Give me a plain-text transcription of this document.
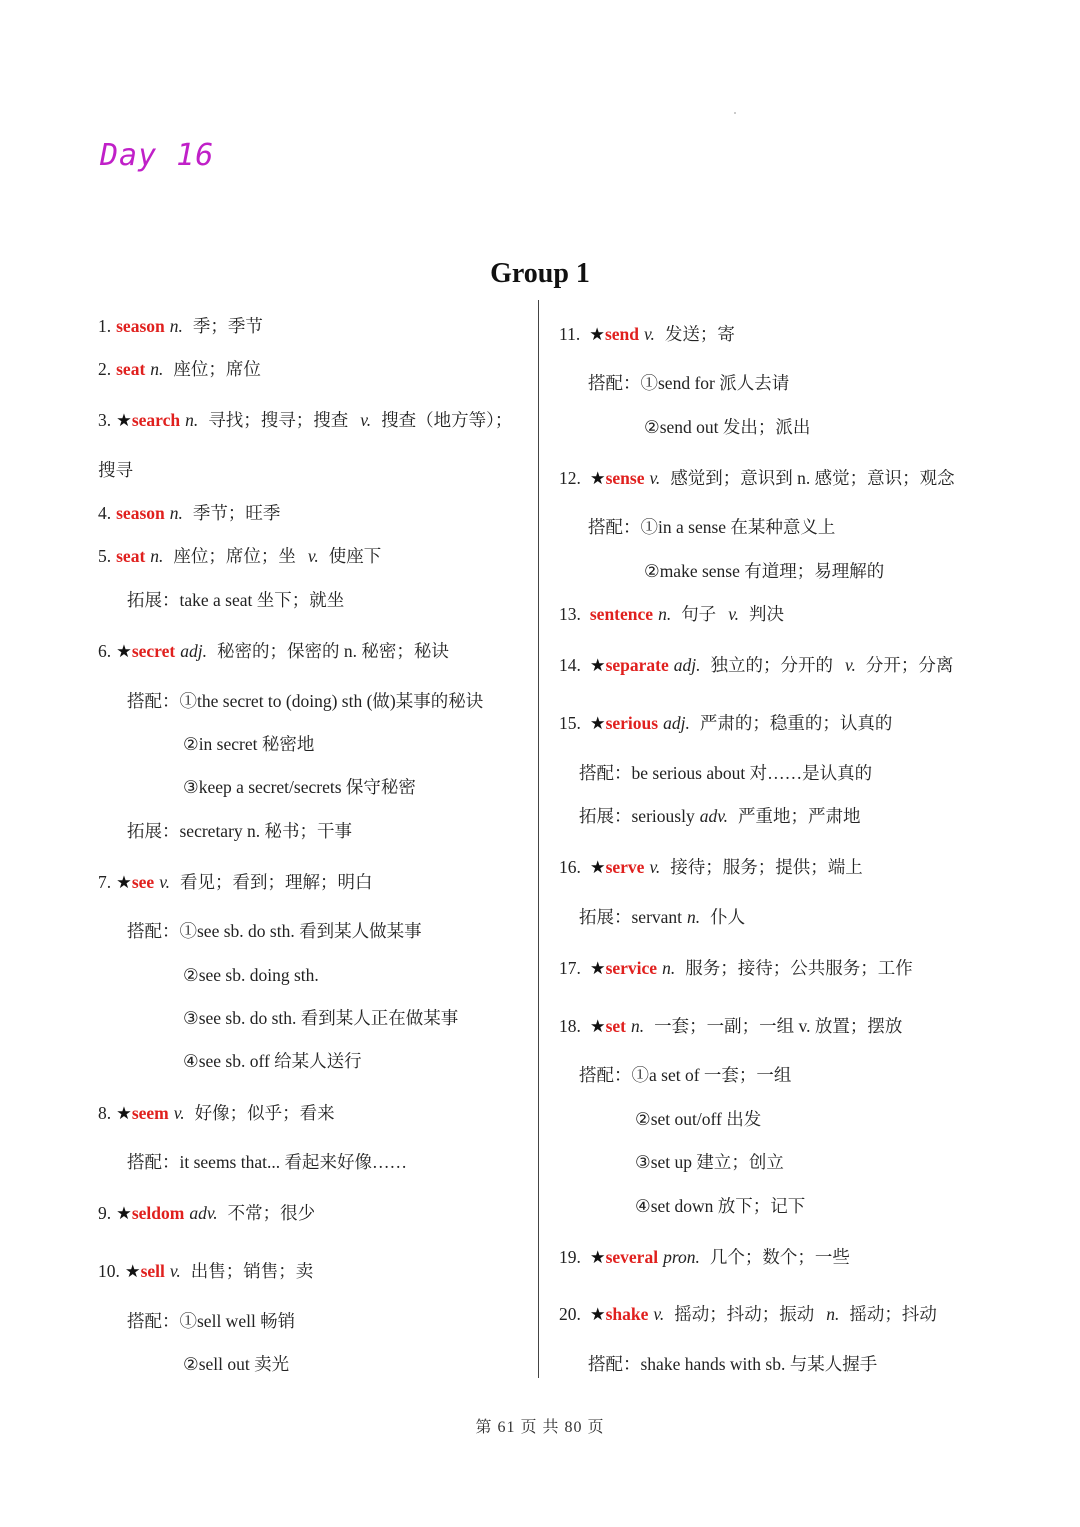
Day 16
Group 1
1. season n. 季；季节
2. seat n. 座位；席位
3. ★search n. 寻找；搜寻；搜查 v. 搜查（地方等）；
搜寻
4. season n. 季节；旺季
5. seat n. 座位；席位；坐 v. 使座下
拓展：take a seat 坐下；就坐
6. ★secret adj. 秘密的；保密的 n. 秘密；秘诀
搭配：①the secret to (doing) sth (做)某事的秘诀
②in secret 秘密地
③keep a secret/secrets 保守秘密
拓展：secretary n. 秘书；干事
7. ★see v. 看见；看到；理解；明白
搭配：①see sb. do sth. 看到某人做某事
②see sb. doing sth.
③see sb. do sth. 看到某人正在做某事
④see sb. off 给某人送行
8. ★seem v. 好像；似乎；看来
搭配：it seems that... 看起来好像……
9. ★seldom adv. 不常；很少
10. ★sell v. 出售；销售；卖
搭配：①sell well 畅销
②sell out 卖光
11. ★send v. 发送；寄
搭配：①send for 派人去请
②send out 发出；派出
12. ★sense v. 感觉到；意识到 n. 感觉；意识；观念
搭配：①in a sense 在某种意义上
②make sense 有道理；易理解的
13. sentence n. 句子 v. 判决
14. ★separate adj. 独立的；分开的 v. 分开；分离
15. ★serious adj. 严肃的；稳重的；认真的
搭配：be serious about 对……是认真的
拓展：seriously adv. 严重地；严肃地
16. ★serve v. 接待；服务；提供；端上
拓展：servant n. 仆人
17. ★service n. 服务；接待；公共服务；工作
18. ★set n. 一套；一副；一组 v. 放置；摆放
搭配：①a set of 一套；一组
②set out/off 出发
③set up 建立；创立
④set down 放下；记下
19. ★several pron. 几个；数个；一些
20. ★shake v. 摇动；抖动；振动 n. 摇动；抖动
搭配：shake hands with sb. 与某人握手
第 61 页 共 80 页
